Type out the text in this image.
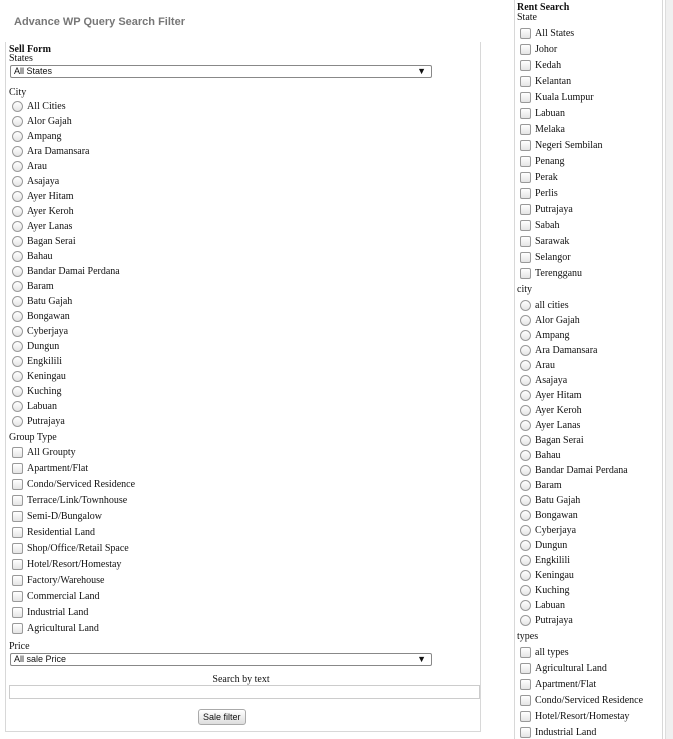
Advance WP Query Search Filter
Sell Form
States
All States	▼
City
All Cities
Alor Gajah
Ampang
Ara Damansara
Arau
Asajaya
Ayer Hitam
Ayer Keroh
Ayer Lanas
Bagan Serai
Bahau
Bandar Damai Perdana
Baram
Batu Gajah
Bongawan
Cyberjaya
Dungun
Engkilili
Keningau
Kuching
Labuan
Putrajaya
Group Type
All Groupty
Apartment/Flat
Condo/Serviced Residence
Terrace/Link/Townhouse
Semi-D/Bungalow
Residential Land
Shop/Office/Retail Space
Hotel/Resort/Homestay
Factory/Warehouse
Commercial Land
Industrial Land
Agricultural Land
Price
All sale Price	▼
Search by text
Sale filter
Rent Search
State
All States
Johor
Kedah
Kelantan
Kuala Lumpur
Labuan
Melaka
Negeri Sembilan
Penang
Perak
Perlis
Putrajaya
Sabah
Sarawak
Selangor
Terengganu
city
all cities
Alor Gajah
Ampang
Ara Damansara
Arau
Asajaya
Ayer Hitam
Ayer Keroh
Ayer Lanas
Bagan Serai
Bahau
Bandar Damai Perdana
Baram
Batu Gajah
Bongawan
Cyberjaya
Dungun
Engkilili
Keningau
Kuching
Labuan
Putrajaya
types
all types
Agricultural Land
Apartment/Flat
Condo/Serviced Residence
Hotel/Resort/Homestay
Industrial Land
